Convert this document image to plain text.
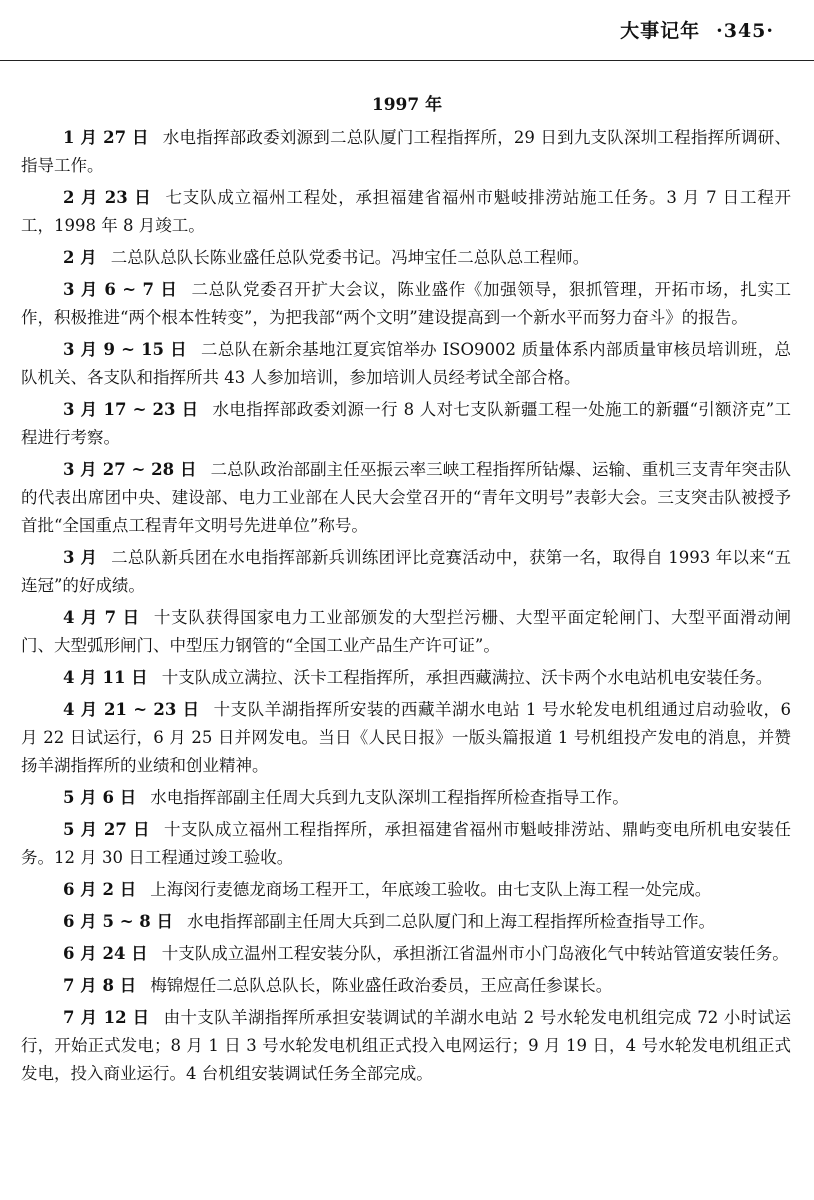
大事记年 ·345·
1997 年

1 月 27 日 水电指挥部政委刘源到二总队厦门工程指挥所，29 日到九支队深圳工程指挥所调研、指导工作。

2 月 23 日 七支队成立福州工程处，承担福建省福州市魁岐排涝站施工任务。3 月 7 日工程开工，1998 年 8 月竣工。

2 月 二总队总队长陈业盛任总队党委书记。冯坤宝任二总队总工程师。

3 月 6 ~ 7 日 二总队党委召开扩大会议，陈业盛作《加强领导，狠抓管理，开拓市场，扎实工作，积极推进“两个根本性转变”，为把我部“两个文明”建设提高到一个新水平而努力奋斗》的报告。

3 月 9 ~ 15 日 二总队在新余基地江夏宾馆举办 ISO9002 质量体系内部质量审核员培训班，总队机关、各支队和指挥所共 43 人参加培训，参加培训人员经考试全部合格。

3 月 17 ~ 23 日 水电指挥部政委刘源一行 8 人对七支队新疆工程一处施工的新疆“引额济克”工程进行考察。

3 月 27 ~ 28 日 二总队政治部副主任巫振云率三峡工程指挥所钻爆、运输、重机三支青年突击队的代表出席团中央、建设部、电力工业部在人民大会堂召开的“青年文明号”表彰大会。三支突击队被授予首批“全国重点工程青年文明号先进单位”称号。

3 月 二总队新兵团在水电指挥部新兵训练团评比竞赛活动中，获第一名，取得自 1993 年以来“五连冠”的好成绩。

4 月 7 日 十支队获得国家电力工业部颁发的大型拦污栅、大型平面定轮闸门、大型平面滑动闸门、大型弧形闸门、中型压力钢管的“全国工业产品生产许可证”。

4 月 11 日 十支队成立满拉、沃卡工程指挥所，承担西藏满拉、沃卡两个水电站机电安装任务。

4 月 21 ~ 23 日 十支队羊湖指挥所安装的西藏羊湖水电站 1 号水轮发电机组通过启动验收，6 月 22 日试运行，6 月 25 日并网发电。当日《人民日报》一版头篇报道 1 号机组投产发电的消息，并赞扬羊湖指挥所的业绩和创业精神。

5 月 6 日 水电指挥部副主任周大兵到九支队深圳工程指挥所检查指导工作。

5 月 27 日 十支队成立福州工程指挥所，承担福建省福州市魁岐排涝站、鼎屿变电所机电安装任务。12 月 30 日工程通过竣工验收。

6 月 2 日 上海闵行麦德龙商场工程开工，年底竣工验收。由七支队上海工程一处完成。

6 月 5 ~ 8 日 水电指挥部副主任周大兵到二总队厦门和上海工程指挥所检查指导工作。

6 月 24 日 十支队成立温州工程安装分队，承担浙江省温州市小门岛液化气中转站管道安装任务。

7 月 8 日 梅锦煜任二总队总队长，陈业盛任政治委员，王应高任参谋长。

7 月 12 日 由十支队羊湖指挥所承担安装调试的羊湖水电站 2 号水轮发电机组完成 72 小时试运行，开始正式发电；8 月 1 日 3 号水轮发电机组正式投入电网运行；9 月 19 日，4 号水轮发电机组正式发电，投入商业运行。4 台机组安装调试任务全部完成。
